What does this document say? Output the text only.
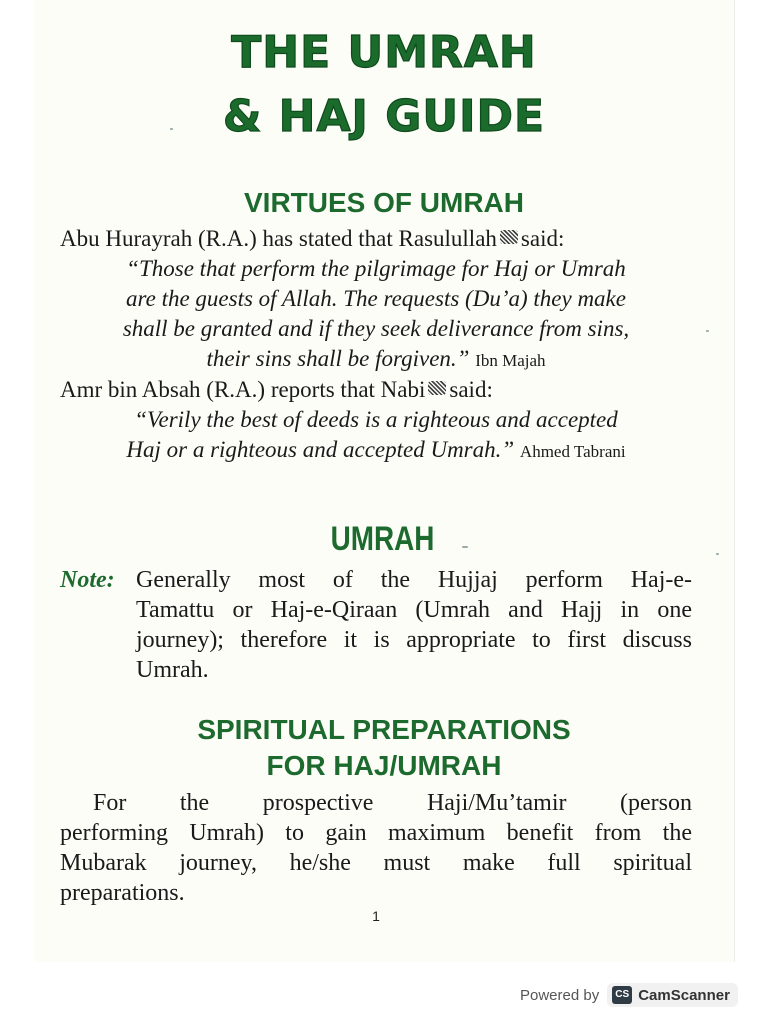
THE UMRAH
& HAJ GUIDE
VIRTUES OF UMRAH
Abu Hurayrah (R.A.) has stated that Rasulullah said:
“Those that perform the pilgrimage for Haj or Umrah
are the guests of Allah. The requests (Du’a) they make
shall be granted and if they seek deliverance from sins,
their sins shall be forgiven.” Ibn Majah
Amr bin Absah (R.A.) reports that Nabi said:
“Verily the best of deeds is a righteous and accepted
Haj or a righteous and accepted Umrah.” Ahmed Tabrani
UMRAH
Note: Generally most of the Hujjaj perform Haj-e-
Tamattu or Haj-e-Qiraan (Umrah and Hajj in one
journey); therefore it is appropriate to first discuss
Umrah.
SPIRITUAL PREPARATIONS
FOR HAJ/UMRAH
For the prospective Haji/Mu’tamir (person
performing Umrah) to gain maximum benefit from the
Mubarak journey, he/she must make full spiritual
preparations.
1
Powered by	CS CamScanner
